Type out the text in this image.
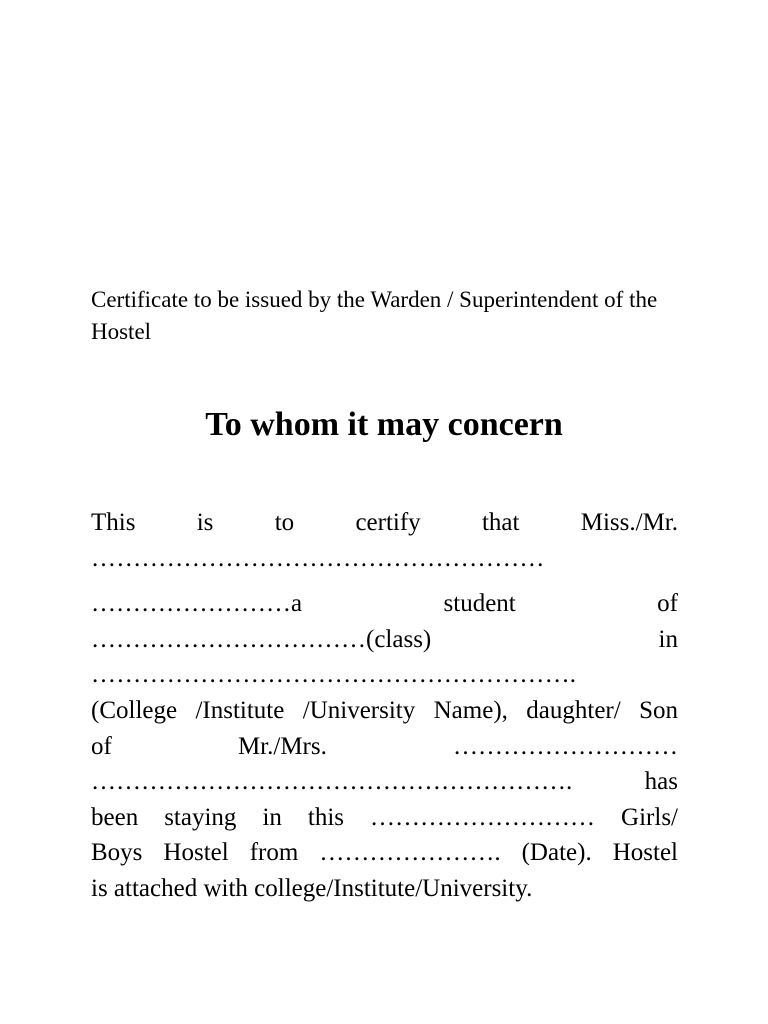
Certificate to be issued by the Warden / Superintendent of the Hostel

To whom it may concern
This is to certify that Miss./Mr.
………………………………………………
……………………a student of
……………………………(class) in
………………………………………………….
(College /Institute /University Name), daughter/ Son
of Mr./Mrs. ………………………
…………………………………………………. has
been staying in this ……………………… Girls/
Boys Hostel from …………………. (Date). Hostel
is attached with college/Institute/University.
